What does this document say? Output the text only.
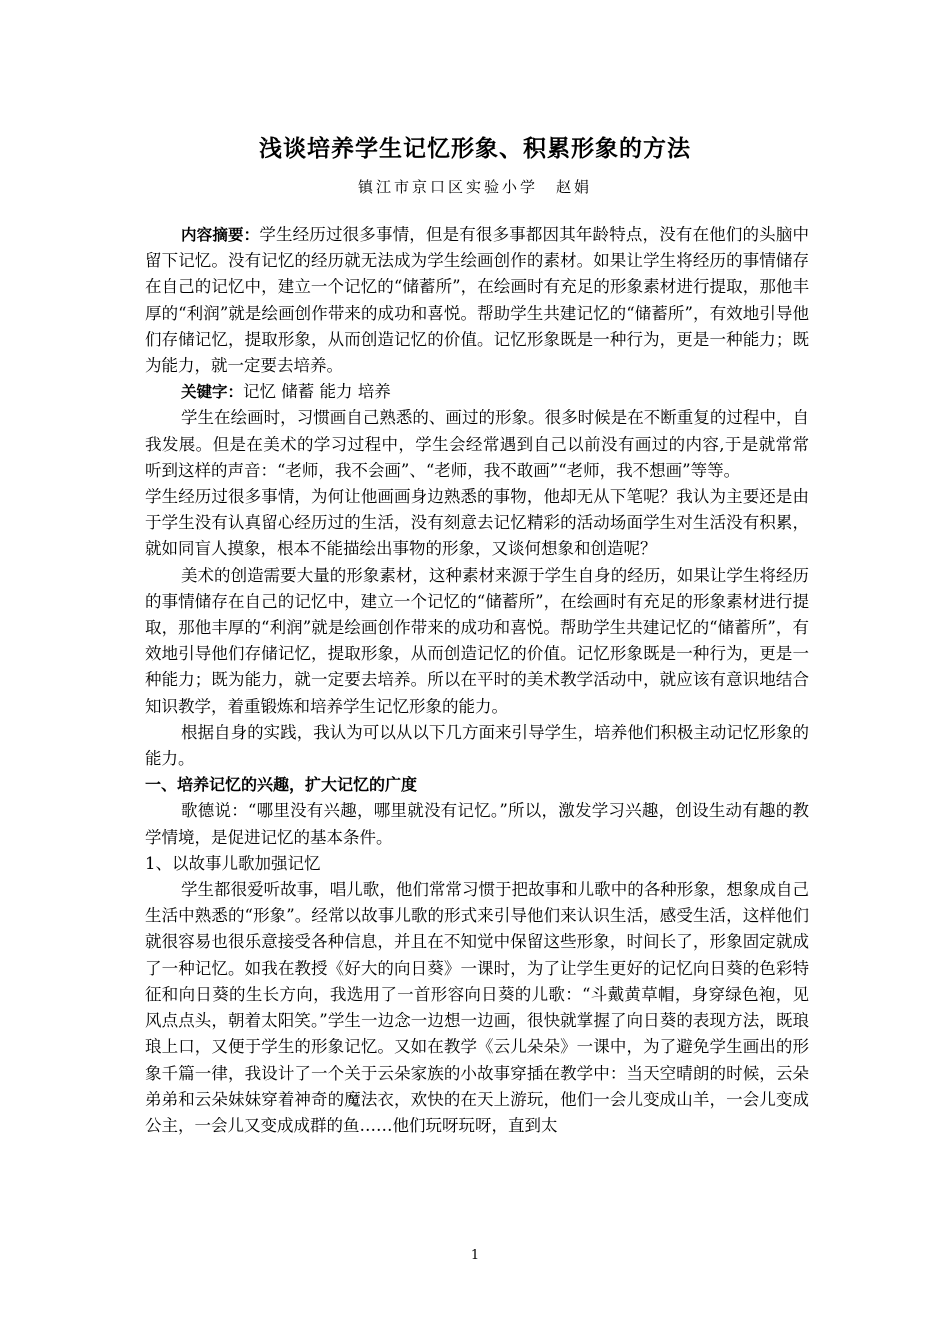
浅谈培养学生记忆形象、积累形象的方法
镇江市京口区实验小学　赵娟

内容摘要：学生经历过很多事情，但是有很多事都因其年龄特点，没有在他们的头脑中留下记忆。没有记忆的经历就无法成为学生绘画创作的素材。如果让学生将经历的事情储存在自己的记忆中，建立一个记忆的“储蓄所”，在绘画时有充足的形象素材进行提取，那他丰厚的“利润”就是绘画创作带来的成功和喜悦。帮助学生共建记忆的“储蓄所”，有效地引导他们存储记忆，提取形象，从而创造记忆的价值。记忆形象既是一种行为，更是一种能力；既为能力，就一定要去培养。

关键字：记忆 储蓄 能力 培养

学生在绘画时，习惯画自己熟悉的、画过的形象。很多时候是在不断重复的过程中，自我发展。但是在美术的学习过程中，学生会经常遇到自己以前没有画过的内容,于是就常常听到这样的声音：“老师，我不会画”、“老师，我不敢画”“老师，我不想画”等等。

学生经历过很多事情，为何让他画画身边熟悉的事物，他却无从下笔呢？我认为主要还是由于学生没有认真留心经历过的生活，没有刻意去记忆精彩的活动场面学生对生活没有积累，就如同盲人摸象，根本不能描绘出事物的形象，又谈何想象和创造呢？

美术的创造需要大量的形象素材，这种素材来源于学生自身的经历，如果让学生将经历的事情储存在自己的记忆中，建立一个记忆的“储蓄所”，在绘画时有充足的形象素材进行提取，那他丰厚的“利润”就是绘画创作带来的成功和喜悦。帮助学生共建记忆的“储蓄所”，有效地引导他们存储记忆，提取形象，从而创造记忆的价值。记忆形象既是一种行为，更是一种能力；既为能力，就一定要去培养。所以在平时的美术教学活动中，就应该有意识地结合知识教学，着重锻炼和培养学生记忆形象的能力。

根据自身的实践，我认为可以从以下几方面来引导学生，培养他们积极主动记忆形象的能力。

一、培养记忆的兴趣，扩大记忆的广度

歌德说：“哪里没有兴趣，哪里就没有记忆。”所以，激发学习兴趣，创设生动有趣的教学情境，是促进记忆的基本条件。

1、以故事儿歌加强记忆

学生都很爱听故事，唱儿歌，他们常常习惯于把故事和儿歌中的各种形象，想象成自己生活中熟悉的“形象”。经常以故事儿歌的形式来引导他们来认识生活，感受生活，这样他们就很容易也很乐意接受各种信息，并且在不知觉中保留这些形象，时间长了，形象固定就成了一种记忆。如我在教授《好大的向日葵》一课时，为了让学生更好的记忆向日葵的色彩特征和向日葵的生长方向，我选用了一首形容向日葵的儿歌：“斗戴黄草帽，身穿绿色袍，见风点点头，朝着太阳笑。”学生一边念一边想一边画，很快就掌握了向日葵的表现方法，既琅琅上口，又便于学生的形象记忆。又如在教学《云儿朵朵》一课中，为了避免学生画出的形象千篇一律，我设计了一个关于云朵家族的小故事穿插在教学中：当天空晴朗的时候，云朵弟弟和云朵妹妹穿着神奇的魔法衣，欢快的在天上游玩，他们一会儿变成山羊，一会儿变成公主，一会儿又变成成群的鱼……他们玩呀玩呀，直到太

1
